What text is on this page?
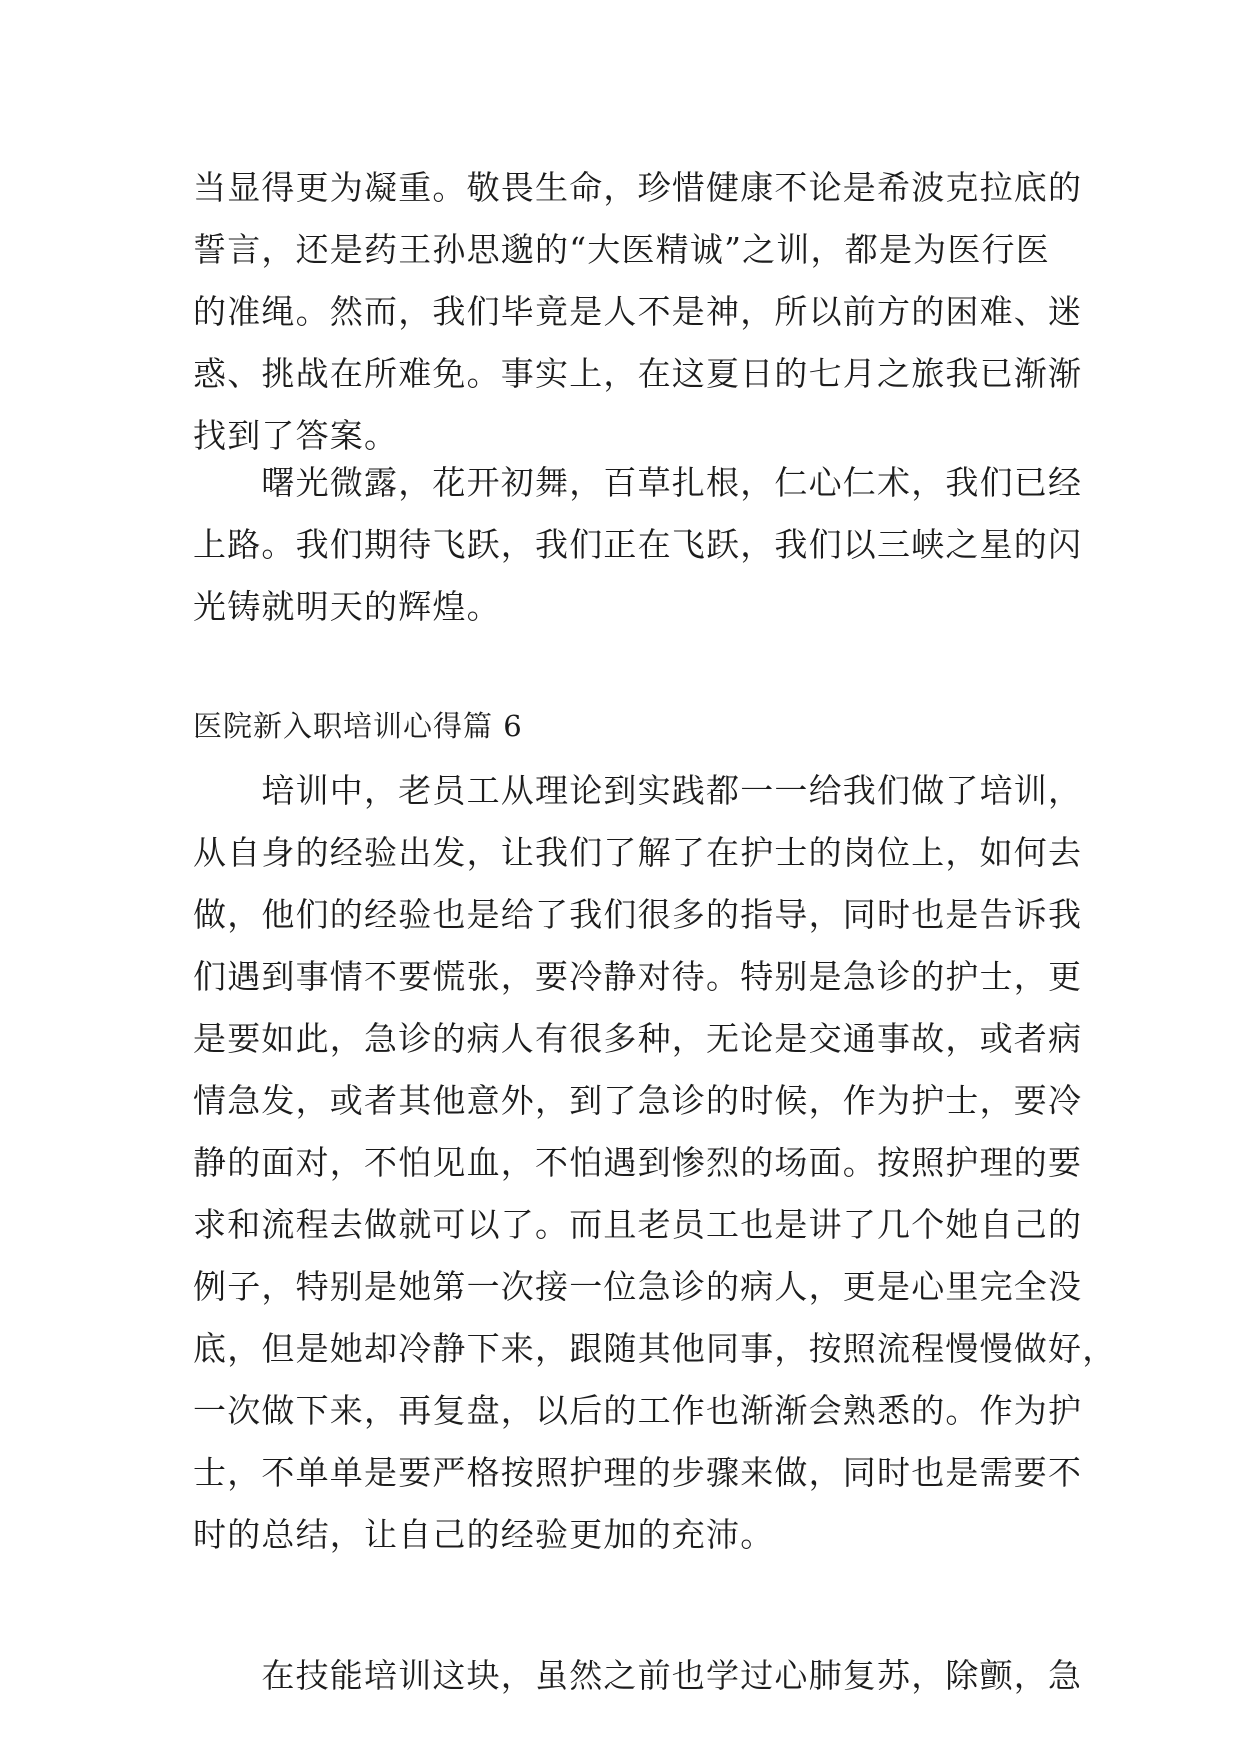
当显得更为凝重。敬畏生命，珍惜健康不论是希波克拉底的
誓言，还是药王孙思邈的“大医精诚”之训，都是为医行医
的准绳。然而，我们毕竟是人不是神，所以前方的困难、迷
惑、挑战在所难免。事实上，在这夏日的七月之旅我已渐渐
找到了答案。
　　曙光微露，花开初舞，百草扎根，仁心仁术，我们已经
上路。我们期待飞跃，我们正在飞跃，我们以三峡之星的闪
光铸就明天的辉煌。
医院新入职培训心得篇 6
　　培训中，老员工从理论到实践都一一给我们做了培训，
从自身的经验出发，让我们了解了在护士的岗位上，如何去
做，他们的经验也是给了我们很多的指导，同时也是告诉我
们遇到事情不要慌张，要冷静对待。特别是急诊的护士，更
是要如此，急诊的病人有很多种，无论是交通事故，或者病
情急发，或者其他意外，到了急诊的时候，作为护士，要冷
静的面对，不怕见血，不怕遇到惨烈的场面。按照护理的要
求和流程去做就可以了。而且老员工也是讲了几个她自己的
例子，特别是她第一次接一位急诊的病人，更是心里完全没
底，但是她却冷静下来，跟随其他同事，按照流程慢慢做好，
一次做下来，再复盘，以后的工作也渐渐会熟悉的。作为护
士，不单单是要严格按照护理的步骤来做，同时也是需要不
时的总结，让自己的经验更加的充沛。
　　在技能培训这块，虽然之前也学过心肺复苏，除颤，急
